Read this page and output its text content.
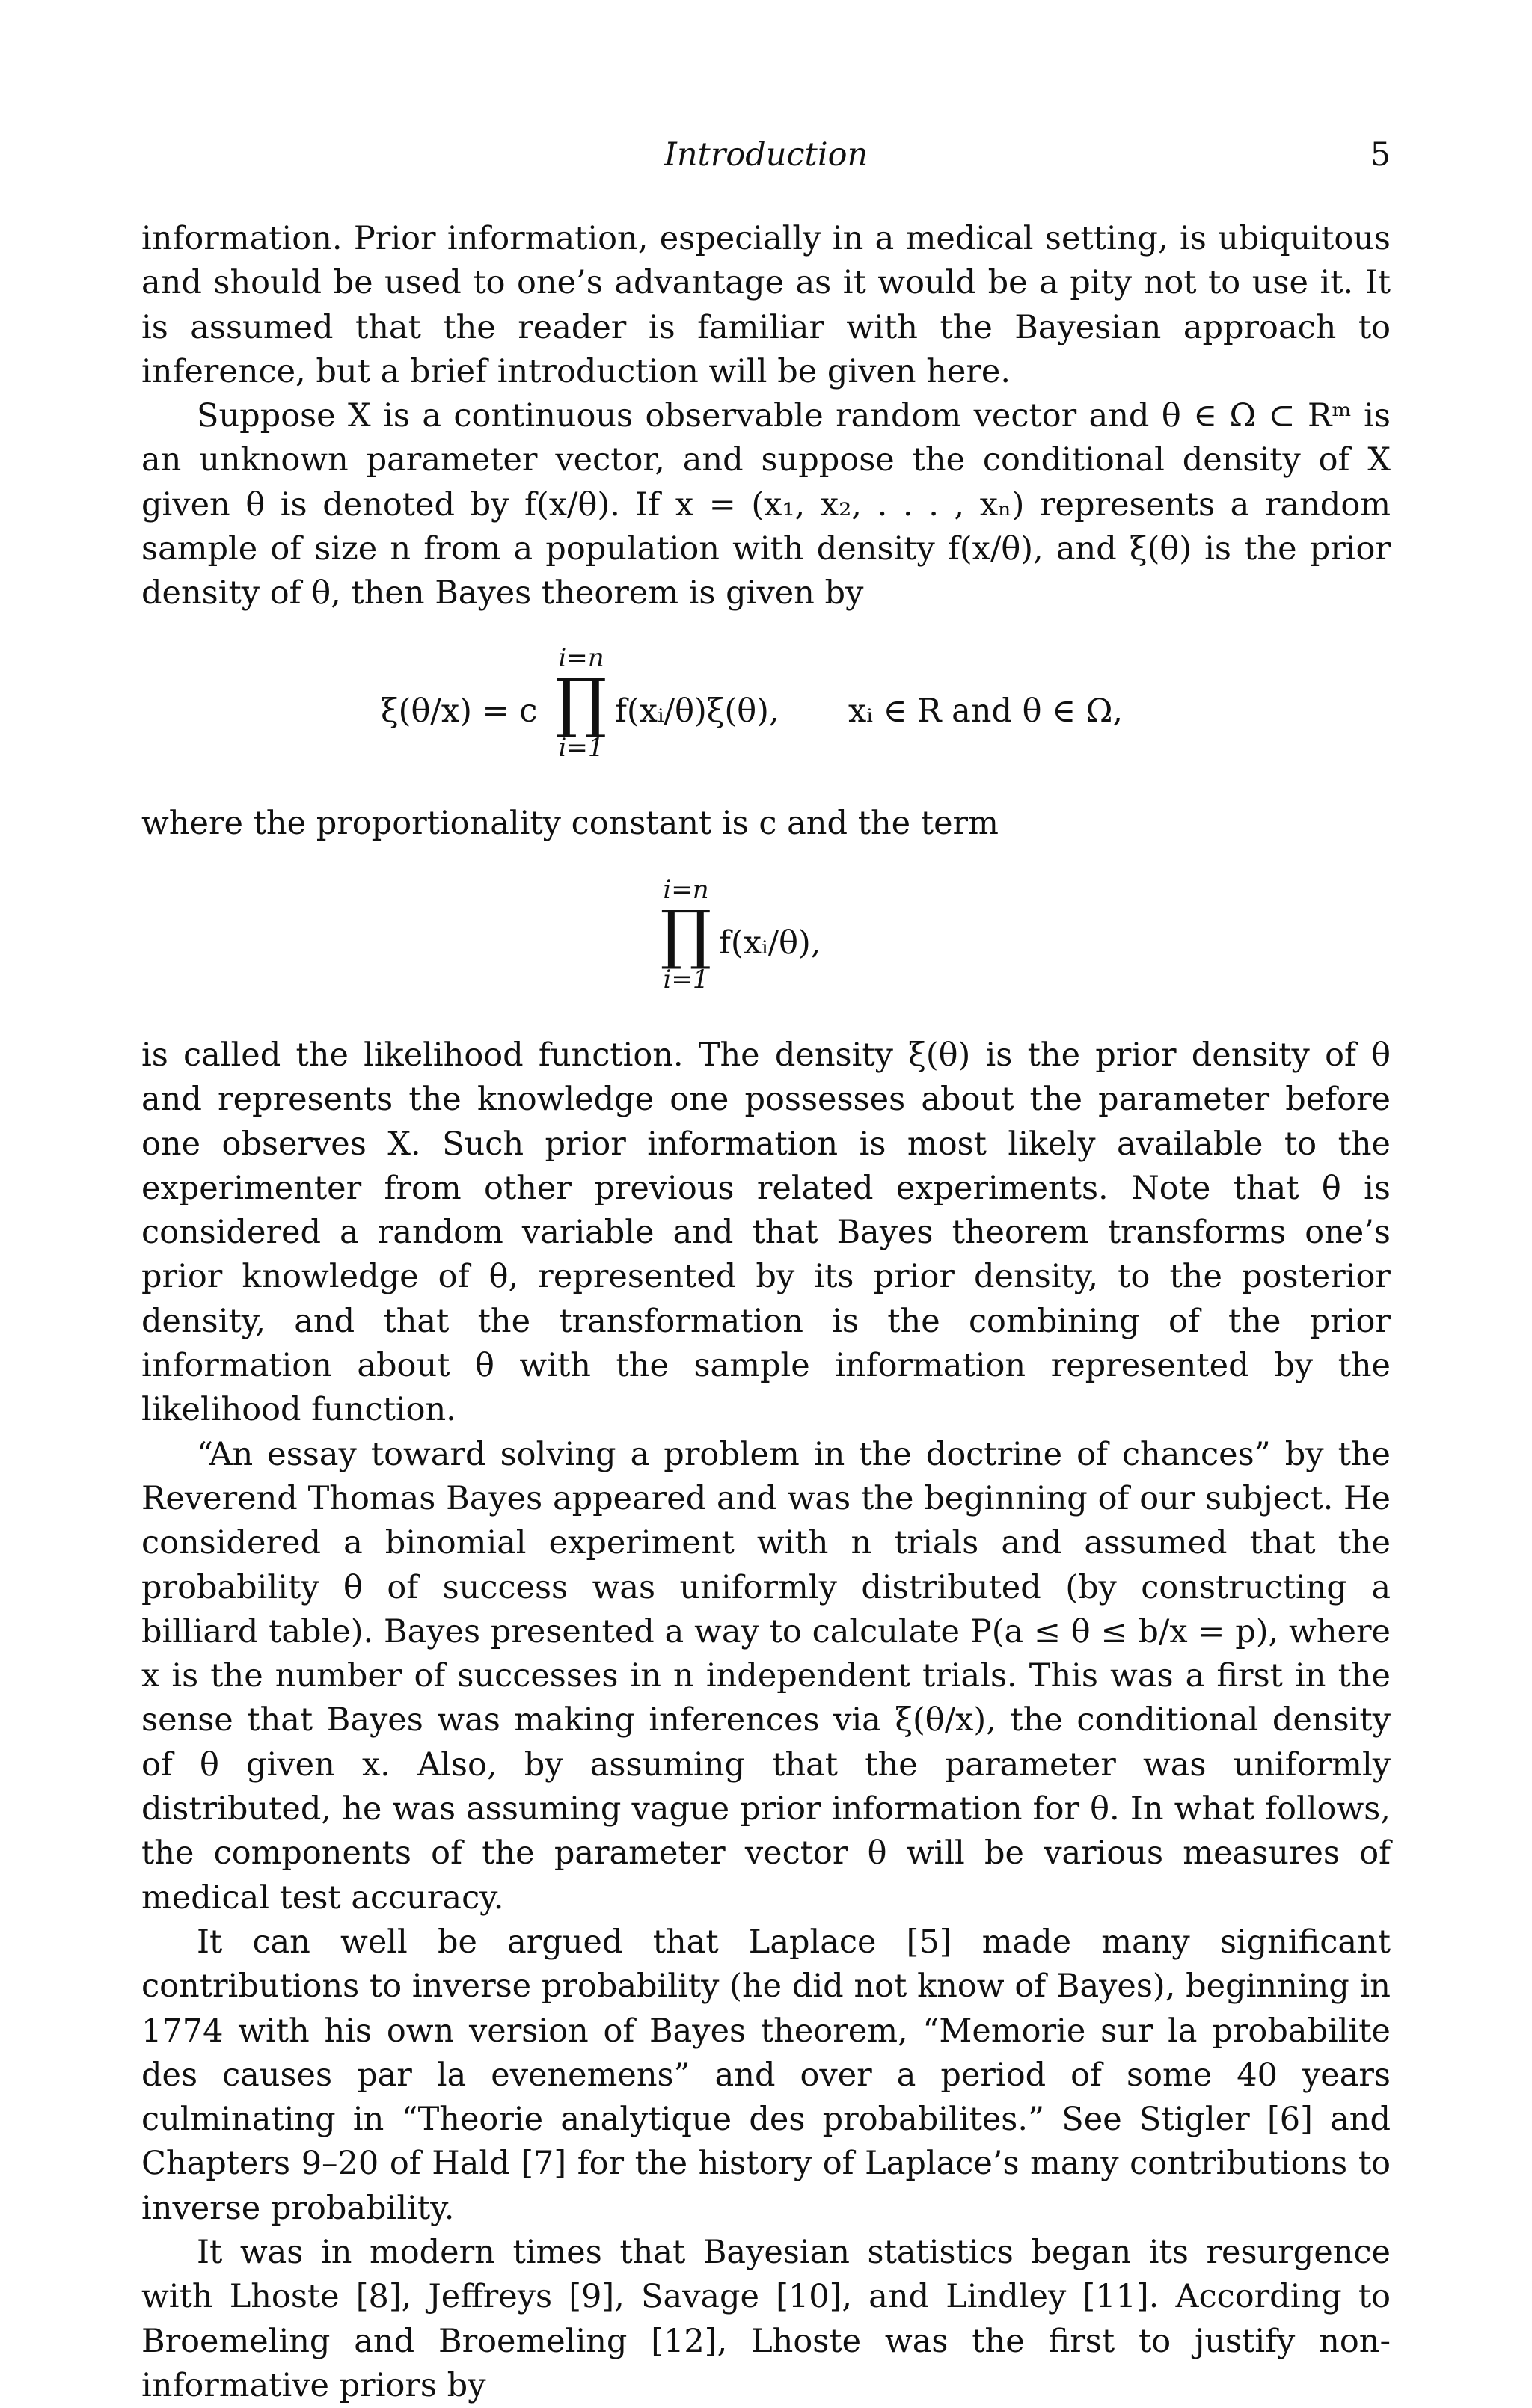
Introduction	5

information. Prior information, especially in a medical setting, is ubiquitous and should be used to one’s advantage as it would be a pity not to use it. It is assumed that the reader is familiar with the Bayesian approach to inference, but a brief introduction will be given here.

Suppose X is a continuous observable random vector and θ ∈ Ω ⊂ Rᵐ is an unknown parameter vector, and suppose the conditional density of X given θ is denoted by f(x/θ). If x = (x₁, x₂, . . . , xₙ) represents a random sample of size n from a population with density f(x/θ), and ξ(θ) is the prior density of θ, then Bayes theorem is given by

ξ(θ/x) = c
i=n
∏
i=1
f(xᵢ/θ)ξ(θ), xᵢ ∈ R and θ ∈ Ω,

where the proportionality constant is c and the term

i=n
∏
i=1
f(xᵢ/θ),

is called the likelihood function. The density ξ(θ) is the prior density of θ and represents the knowledge one possesses about the parameter before one observes X. Such prior information is most likely available to the experimenter from other previous related experiments. Note that θ is considered a random variable and that Bayes theorem transforms one’s prior knowledge of θ, represented by its prior density, to the posterior density, and that the transformation is the combining of the prior information about θ with the sample information represented by the likelihood function.

“An essay toward solving a problem in the doctrine of chances” by the Reverend Thomas Bayes appeared and was the beginning of our subject. He considered a binomial experiment with n trials and assumed that the probability θ of success was uniformly distributed (by constructing a billiard table). Bayes presented a way to calculate P(a ≤ θ ≤ b/x = p), where x is the number of successes in n independent trials. This was a first in the sense that Bayes was making inferences via ξ(θ/x), the conditional density of θ given x. Also, by assuming that the parameter was uniformly distributed, he was assuming vague prior information for θ. In what follows, the components of the parameter vector θ will be various measures of medical test accuracy.

It can well be argued that Laplace [5] made many significant contributions to inverse probability (he did not know of Bayes), beginning in 1774 with his own version of Bayes theorem, “Memorie sur la probabilite des causes par la evenemens” and over a period of some 40 years culminating in “Theorie analytique des probabilites.” See Stigler [6] and Chapters 9–20 of Hald [7] for the history of Laplace’s many contributions to inverse probability.

It was in modern times that Bayesian statistics began its resurgence with Lhoste [8], Jeffreys [9], Savage [10], and Lindley [11]. According to Broemeling and Broemeling [12], Lhoste was the first to justify non-informative priors by
